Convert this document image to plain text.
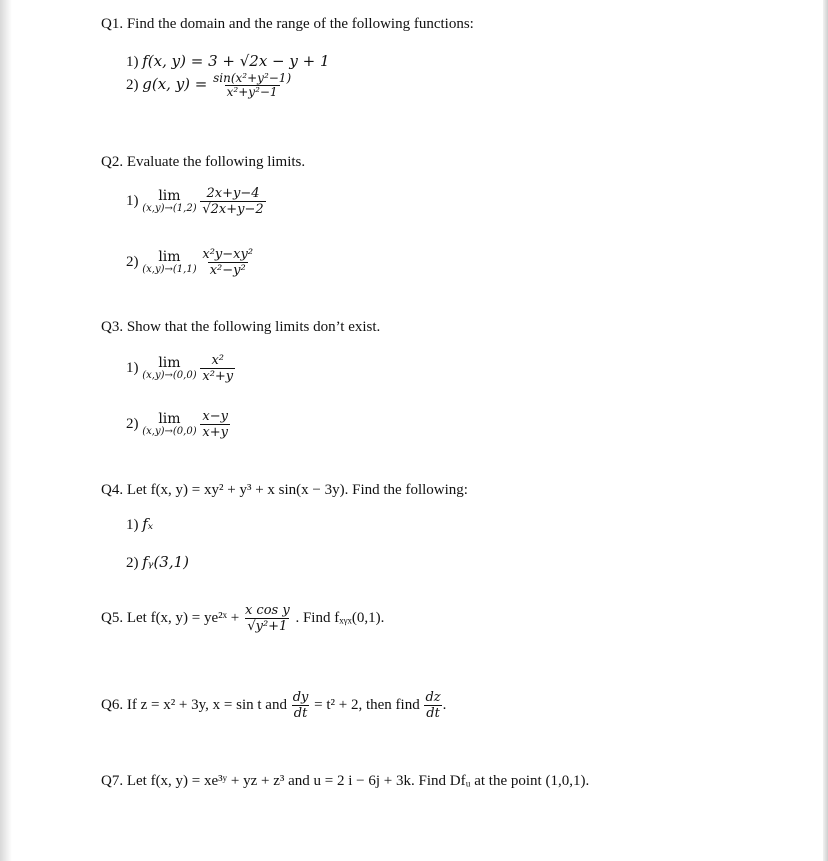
Q1. Find the domain and the range of the following functions:
1) f(x, y) = 3 + √2x − y + 1
2) g(x, $y) = \frac{\text{sin(x²+y²−1)}}{\text{x²+y²−1}}$
Q2. Evaluate the following limits.
1) lim
(x,y)→(1,2)
$\frac{2x+y-4}{√2x+y-2}$
2) lim
(x,y)→(1,1)
$\frac{\text{x²y−xy²}}{\text{x²−y²}}$
Q3. Show that the following limits don’t exist.
1) lim
(x,y)→(0,0)
$\frac{\text{x²}}{\text{x²+y}}$
2) lim
(x,y)→(0,0)
$\frac{x-y}{x+y}$
Q4. Let f(x, y) = xy² + y³ + x sin(x − 3y). Find the following:
1) fₓ
2) fᵧ(3,1)
Q5. Let f(x, y) = ye²ˣ + $\frac{\text{x cos y}}{\text{√y²+1}}$ . Find fₓᵧₓ(0,1).
Q6. If z = x² + 3y, x = sin t and $\frac{dy}{dt} = t^2 + 2$, then find $\frac{dz}{dt}$ .
Q7. Let f(x, y) = xe³ʸ + yz + z³ and u = 2 i − 6j + 3k. Find Dfᵤ at the point (1,0,1).
